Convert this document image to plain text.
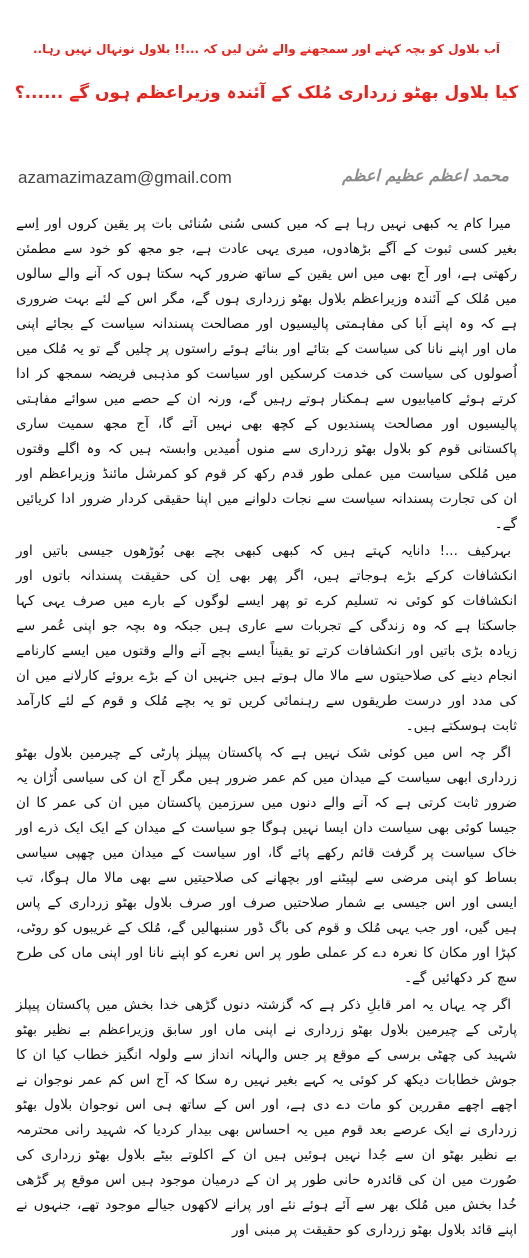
اَب بلاول کو بچہ کہنے اور سمجھنے والے سُن لیں کہ ...!! بلاول نونہال نہیں رہا..
کیا بلاول بھٹو زرداری مُلک کے آئندہ وزیراعظم ہوں گے ......؟
azamazimazam@gmail.com	محمد اعظم عظیم اعظم

میرا کام یہ کبھی نہیں رہا ہے کہ میں کسی سُنی سُنائی بات پر یقین کروں اور اِسے بغیر کسی ثبوت کے آگے بڑھادوں، میری یہی عادت ہے، جو مجھ کو خود سے مطمئن رکھتی ہے، اور آج بھی میں اس یقین کے ساتھ ضرور کہہ سکتا ہوں کہ آنے والے سالوں میں مُلک کے آئندہ وزیراعظم بلاول بھٹو زرداری ہوں گے، مگر اس کے لئے بہت ضروری ہے کہ وہ اپنے اَبا کی مفاہمتی پالیسیوں اور مصالحت پسندانہ سیاست کے بجائے اپنی ماں اور اپنے نانا کی سیاست کے بتائے اور بنائے ہوئے راستوں پر چلیں گے تو یہ مُلک میں اُصولوں کی سیاست کی خدمت کرسکیں اور سیاست کو مذہبی فریضہ سمجھ کر ادا کرتے ہوئے کامیابیوں سے ہمکنار ہوتے رہیں گے، ورنہ ان کے حصے میں سوائے مفاہتی پالیسیوں اور مصالحت پسندیوں کے کچھ بھی نہیں آئے گا، آج مجھ سمیت ساری پاکستانی قوم کو بلاول بھٹو زرداری سے منوں اُمیدیں وابستہ ہیں کہ وہ اگلے وقتوں میں مُلکی سیاست میں عملی طور قدم رکھ کر قوم کو کمرشل مائنڈ وزیراعظم اور ان کی تجارت پسندانہ سیاست سے نجات دلوانے میں اپنا حقیقی کردار ضرور ادا کریائیں گے۔

بہرکیف ...! دانایہ کہتے ہیں کہ کبھی کبھی بچے بھی بُوڑھوں جیسی باتیں اور انکشافات کرکے بڑے ہوجاتے ہیں، اگر پھر بھی اِن کی حقیقت پسندانہ باتوں اور انکشافات کو کوئی نہ تسلیم کرے تو پھر ایسے لوگوں کے بارے میں صرف یہی کہا جاسکتا ہے کہ وہ زندگی کے تجربات سے عاری ہیں جبکہ وہ بچہ جو اپنی عُمر سے زیادہ بڑی باتیں اور انکشافات کرتے تو یقیناً ایسے بچے آنے والے وقتوں میں ایسے کارنامے انجام دینے کی صلاحیتوں سے مالا مال ہوتے ہیں جنہیں ان کے بڑے بروئے کارلانے میں ان کی مدد اور درست طریقوں سے رہنمائی کریں تو یہ بچے مُلک و قوم کے لئے کارآمد ثابت ہوسکتے ہیں۔

اگر چہ اس میں کوئی شک نہیں ہے کہ پاکستان پیپلز پارٹی کے چیرمین بلاول بھٹو زرداری ابھی سیاست کے میدان میں کم عمر ضرور ہیں مگر آج ان کی سیاسی اُڑان یہ ضرور ثابت کرتی ہے کہ آنے والے دنوں میں سرزمین پاکستان میں ان کی عمر کا ان جیسا کوئی بھی سیاست دان ایسا نہیں ہوگا جو سیاست کے میدان کے ایک ایک ذرے اور خاک سیاست پر گرفت قائم رکھے پائے گا، اور سیاست کے میدان میں چھپی سیاسی بساط کو اپنی مرضی سے لپیٹنے اور بچھانے کی صلاحیتیں سے بھی مالا مال ہوگا، تب ایسی اور اس جیسی بے شمار صلاحتیں صرف اور صرف بلاول بھٹو زرداری کے پاس ہیں گیں، اور جب یہی مُلک و قوم کی باگ ڈور سنبھالیں گے، مُلک کے غریبوں کو روٹی، کپڑا اور مکان کا نعرہ دے کر عملی طور پر اس نعرے کو اپنے نانا اور اپنی ماں کی طرح سچ کر دکھائیں گے۔

اگر چہ یہاں یہ امر قابلِ ذکر ہے کہ گزشتہ دنوں گڑھی خدا بخش میں پاکستان پیپلز پارٹی کے چیرمین بلاول بھٹو زرداری نے اپنی ماں اور سابق وزیراعظم بے نظیر بھٹو شہید کی چھٹی برسی کے موقع پر جس والہانہ انداز سے ولولہ انگیز خطاب کیا ان کا جوش خطابات دیکھ کر کوئی یہ کہے بغیر نہیں رہ سکا کہ آج اس کم عمر نوجوان نے اچھے اچھے مقررین کو مات دے دی ہے، اور اس کے ساتھ ہی اس نوجوان بلاول بھٹو زرداری نے ایک عرصے بعد قوم میں یہ احساس بھی بیدار کردیا کہ شہید رانی محترمہ بے نظیر بھٹو ان سے جُدا نہیں ہوئیں ہیں ان کے اکلوتے بیٹے بلاول بھٹو زرداری کی صُورت میں ان کی قائدرہ حانی طور پر ان کے درمیان موجود ہیں اس موقع پر گڑھی خُدا بخش میں مُلک بھر سے آئے ہوئے نئے اور پرانے لاکھوں جیالے موجود تھے، جنہوں نے اپنے قائد بلاول بھٹو زرداری کو حقیقت پر مبنی اور
